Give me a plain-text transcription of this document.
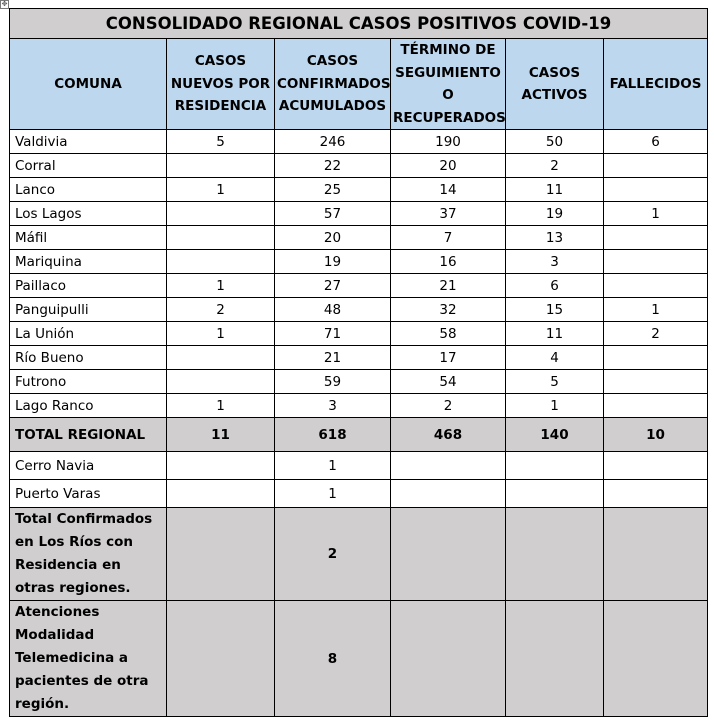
✥
CONSOLIDADO REGIONAL CASOS POSITIVOS COVID-19					
COMUNA	CASOS NUEVOS POR RESIDENCIA	CASOS CONFIRMADOS ACUMULADOS	TÉRMINO DE SEGUIMIENTO O RECUPERADOS	CASOS ACTIVOS	FALLECIDOS
Valdivia	5	246	190	50	6
Corral		22	20	2	
Lanco	1	25	14	11	
Los Lagos		57	37	19	1
Máfil		20	7	13	
Mariquina		19	16	3	
Paillaco	1	27	21	6	
Panguipulli	2	48	32	15	1
La Unión	1	71	58	11	2
Río Bueno		21	17	4	
Futrono		59	54	5	
Lago Ranco	1	3	2	1	
TOTAL REGIONAL	11	618	468	140	10
Cerro Navia		1			
Puerto Varas		1			
Total Confirmados en Los Ríos con Residencia en otras regiones.		2			
Atenciones Modalidad Telemedicina a pacientes de otra región.		8			
